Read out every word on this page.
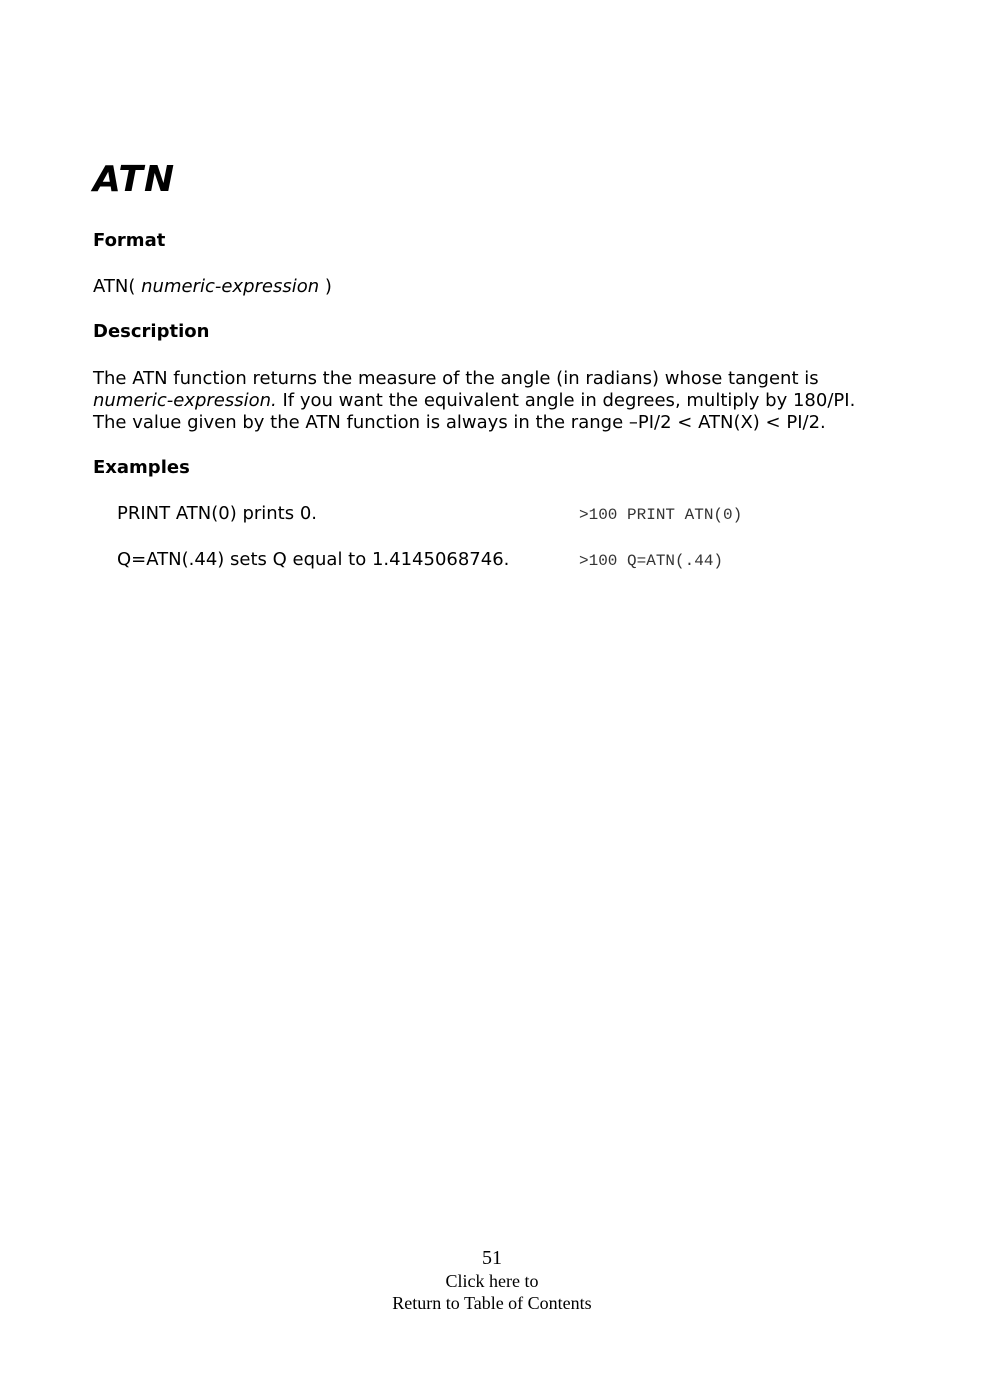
ATN
Format

ATN( numeric-expression )

Description

The ATN function returns the measure of the angle (in radians) whose tangent is numeric-expression. If you want the equivalent angle in degrees, multiply by 180/PI. The value given by the ATN function is always in the range –PI/2 < ATN(X) < PI/2.

Examples
PRINT ATN(0) prints 0.	>100 PRINT ATN(0)
Q=ATN(.44) sets Q equal to 1.4145068746.	>100 Q=ATN(.44)
51
Click here to
Return to Table of Contents
